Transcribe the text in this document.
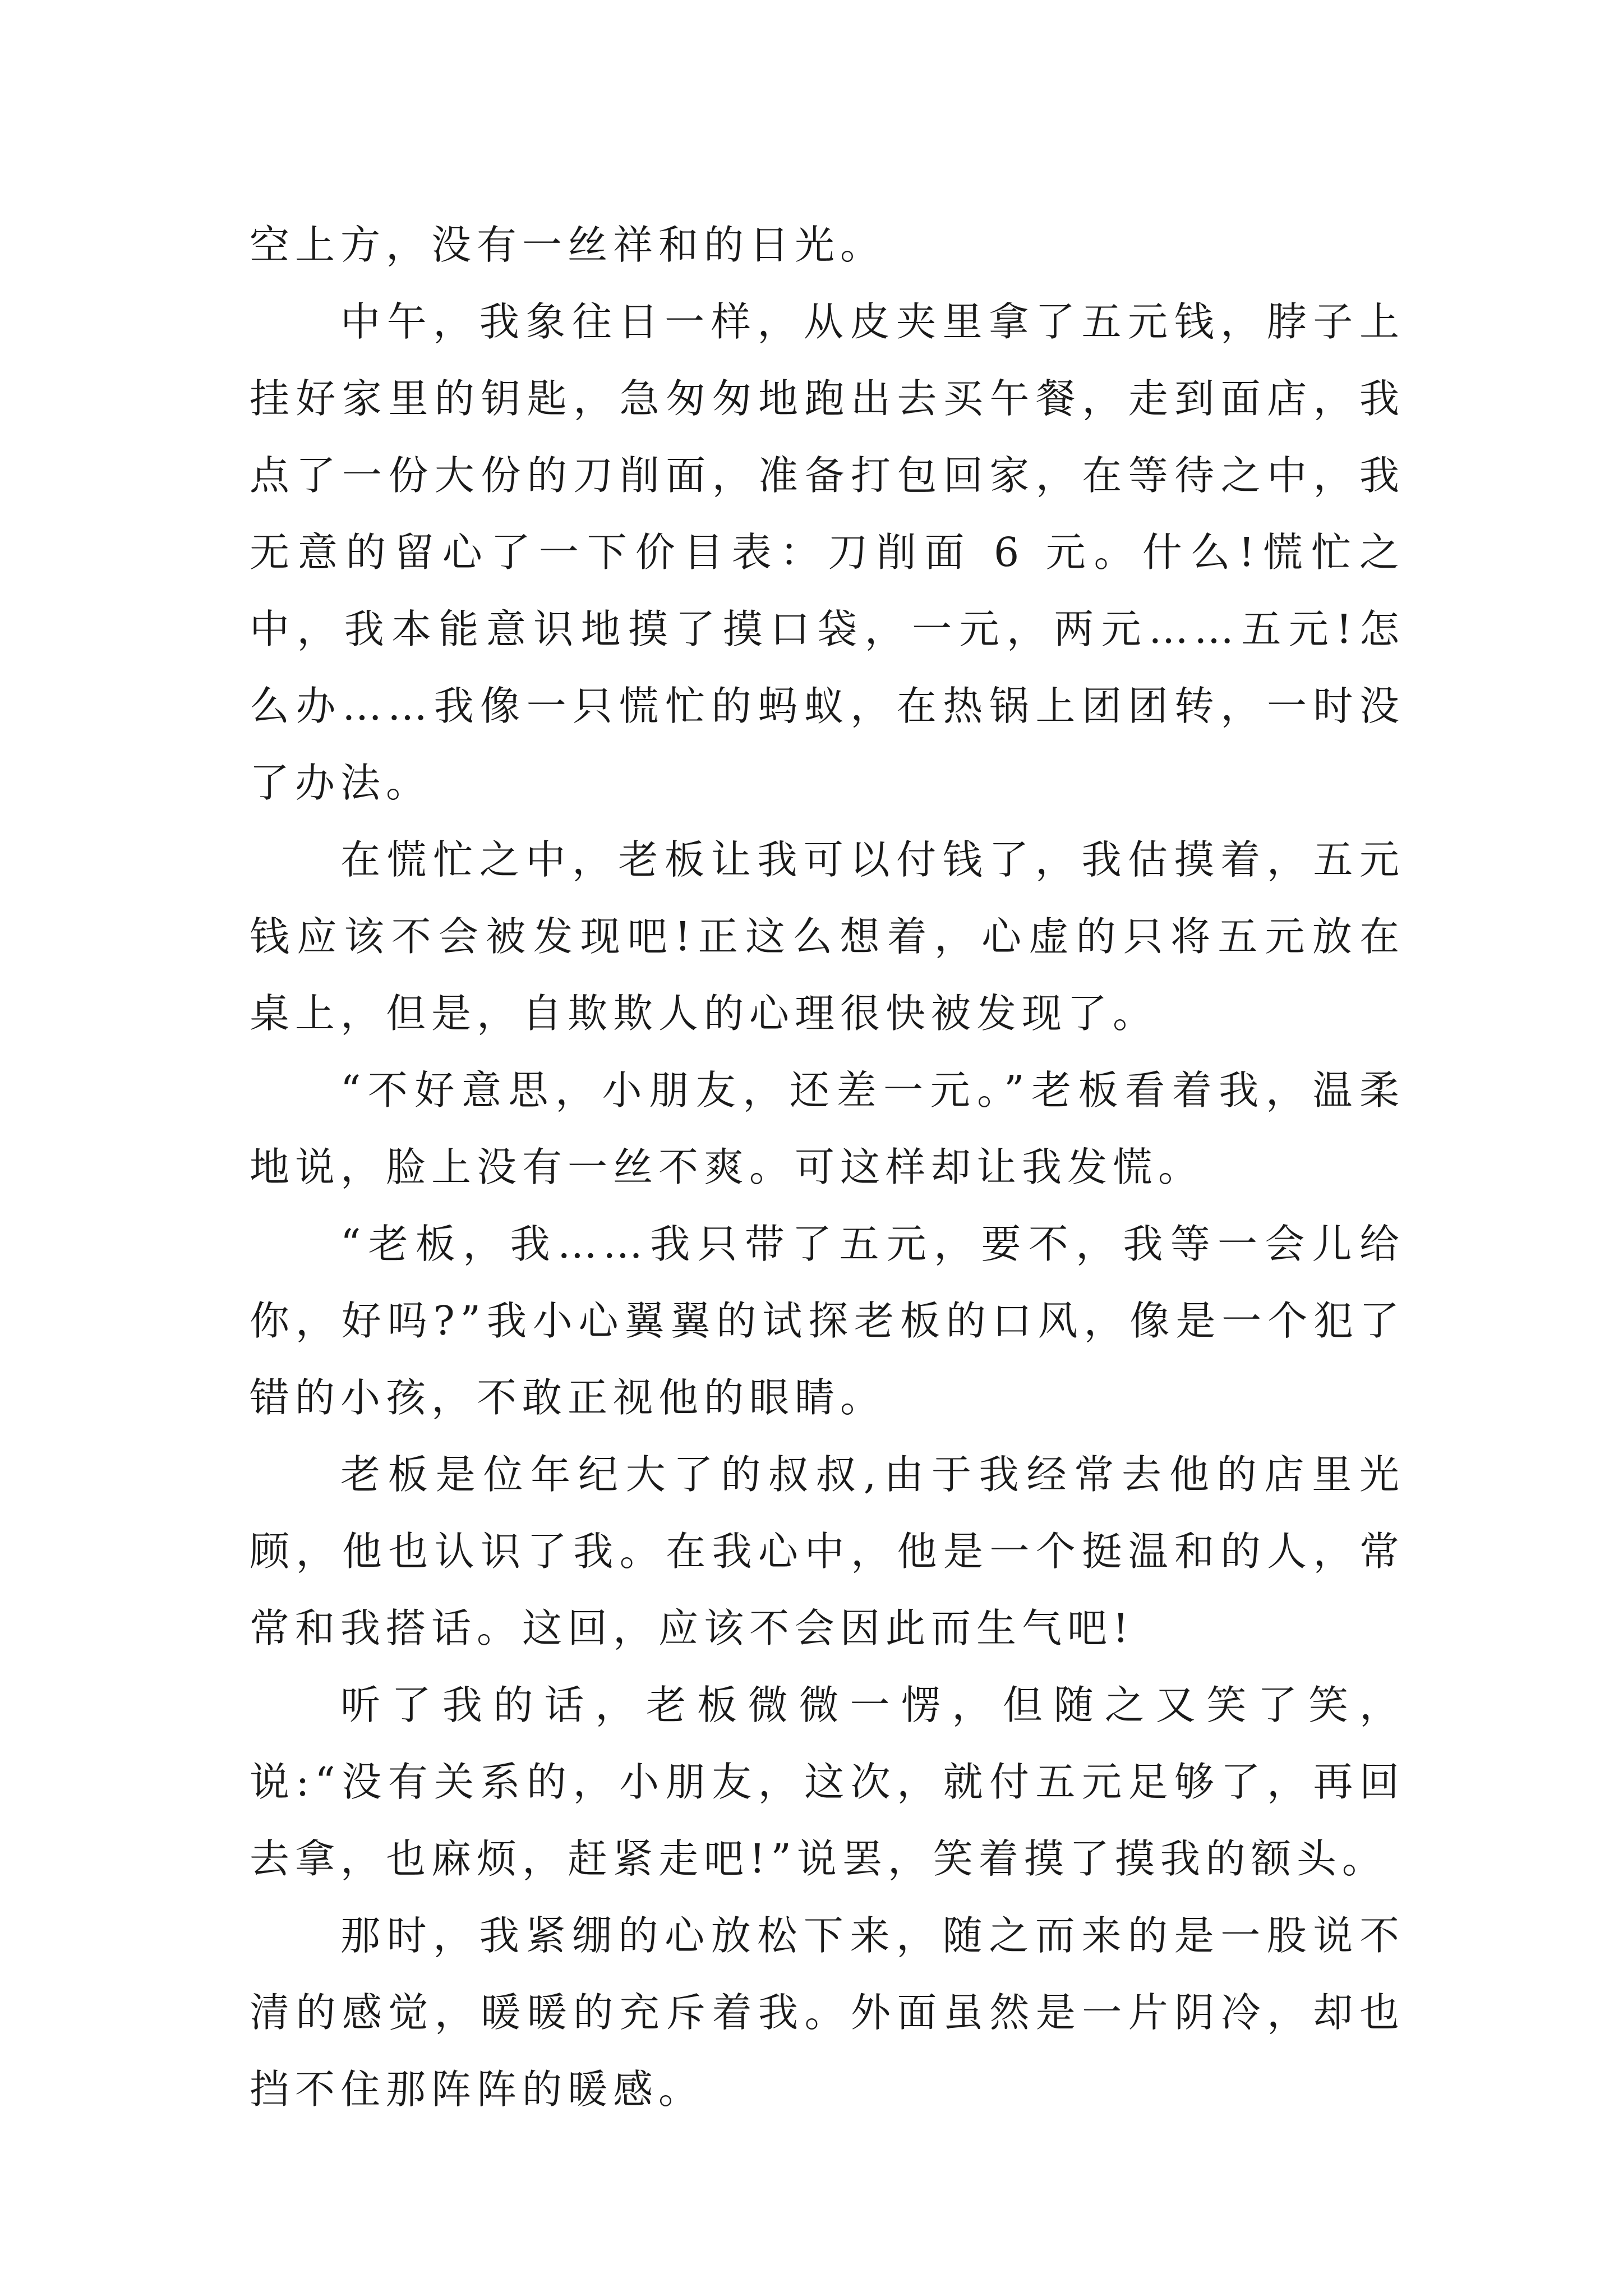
空上方，没有一丝祥和的日光。

中午，我象往日一样，从皮夹里拿了五元钱，脖子上挂好家里的钥匙，急匆匆地跑出去买午餐，走到面店，我点了一份大份的刀削面，准备打包回家，在等待之中，我无意的留心了一下价目表：刀削面 6 元。什么!慌忙之中，我本能意识地摸了摸口袋，一元，两元……五元!怎么办……我像一只慌忙的蚂蚁，在热锅上团团转，一时没了办法。

在慌忙之中，老板让我可以付钱了，我估摸着，五元钱应该不会被发现吧!正这么想着，心虚的只将五元放在桌上，但是，自欺欺人的心理很快被发现了。

“不好意思，小朋友，还差一元。”老板看着我，温柔地说，脸上没有一丝不爽。可这样却让我发慌。

“老板，我……我只带了五元，要不，我等一会儿给你，好吗?”我小心翼翼的试探老板的口风，像是一个犯了错的小孩，不敢正视他的眼睛。

老板是位年纪大了的叔叔,由于我经常去他的店里光顾，他也认识了我。在我心中，他是一个挺温和的人，常常和我搭话。这回，应该不会因此而生气吧!

听了我的话，老板微微一愣，但随之又笑了笑，说:“没有关系的，小朋友，这次，就付五元足够了，再回去拿，也麻烦，赶紧走吧!”说罢，笑着摸了摸我的额头。

那时，我紧绷的心放松下来，随之而来的是一股说不清的感觉，暖暖的充斥着我。外面虽然是一片阴冷，却也挡不住那阵阵的暖感。
